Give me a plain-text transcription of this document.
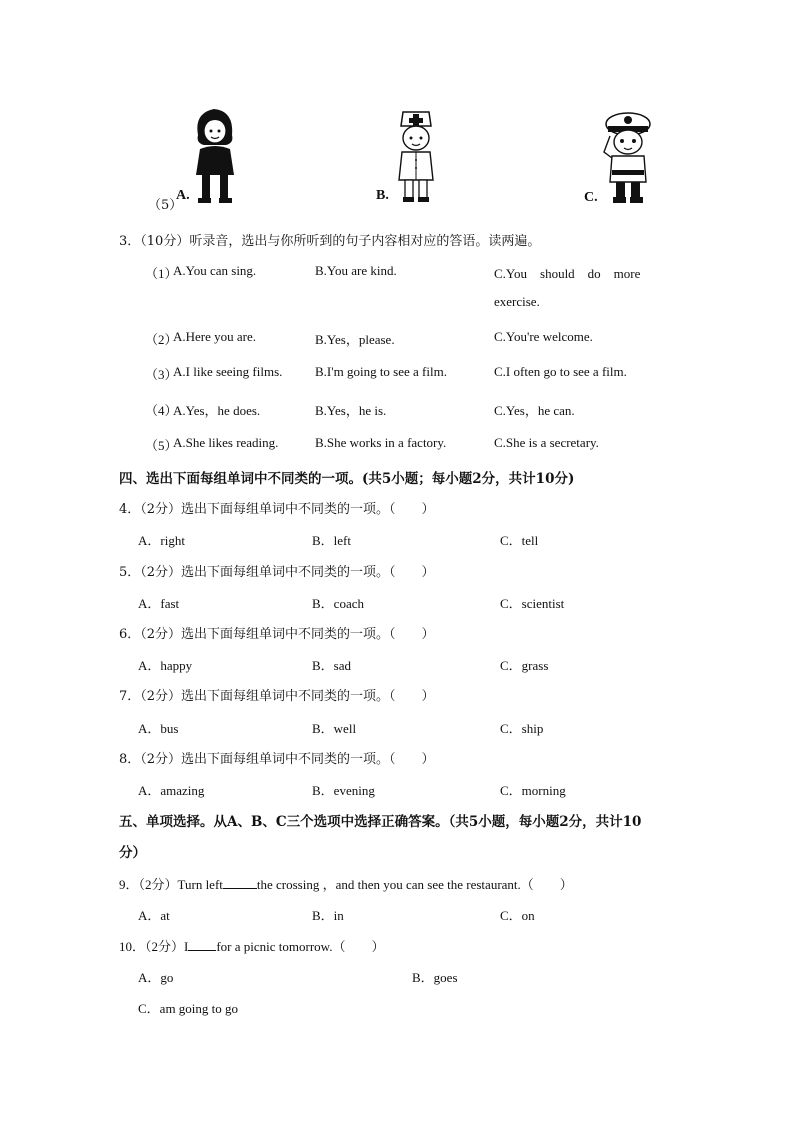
（5）
A.	B.	C.
3．（10分）听录音，选出与你所听到的句子内容相对应的答语。读两遍。
（1）
A.You can sing.	B.You are kind.	C.You　should　do　more
exercise.
（2）
A.Here you are.	B.Yes，please.	C.You're welcome.
（3）
A.I like seeing films.	B.I'm going to see a film.	C.I often go to see a film.
（4）
A.Yes，he does.	B.Yes，he is.	C.Yes，he can.
（5）
A.She likes reading.	B.She works in a factory.	C.She is a secretary.
四、选出下面每组单词中不同类的一项。(共5小题；每小题2分，共计10分)
4．（2分）选出下面每组单词中不同类的一项。（　　）
A．right	B．left	C．tell
5．（2分）选出下面每组单词中不同类的一项。（　　）
A．fast	B．coach	C．scientist
6．（2分）选出下面每组单词中不同类的一项。（　　）
A．happy	B．sad	C．grass
7．（2分）选出下面每组单词中不同类的一项。（　　）
A．bus	B．well	C．ship
8．（2分）选出下面每组单词中不同类的一项。（　　）
A．amazing	B．evening	C．morning
五、单项选择。从A、B、C三个选项中选择正确答案。（共5小题，每小题2分，共计10
分）
9．（2分）Turn left	the crossing ，and then you can see the restaurant.（　　）
A．at	B．in	C．on
10．（2分）I for a picnic tomorrow.（　　）
A．go	B．goes
C．am going to go
